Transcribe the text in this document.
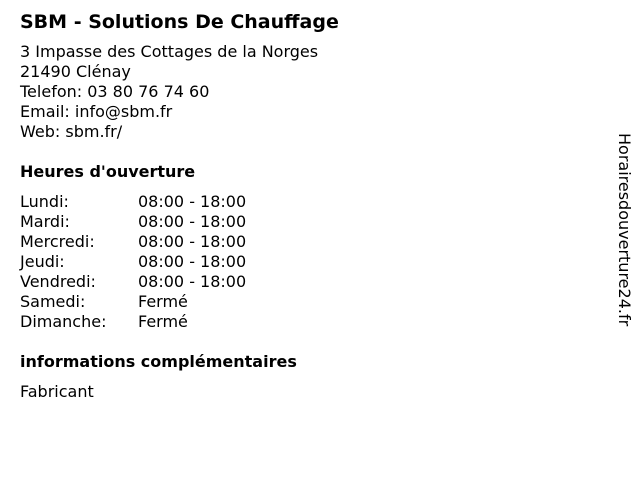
SBM - Solutions De Chauffage
3 Impasse des Cottages de la Norges
21490 Clénay
Telefon: 03 80 76 74 60
Email: info@sbm.fr
Web: sbm.fr/
Heures d'ouverture
Lundi:	08:00 - 18:00
Mardi:	08:00 - 18:00
Mercredi:	08:00 - 18:00
Jeudi:	08:00 - 18:00
Vendredi:	08:00 - 18:00
Samedi:	Fermé
Dimanche:	Fermé
informations complémentaires
Fabricant
Horairesdouverture24.fr
